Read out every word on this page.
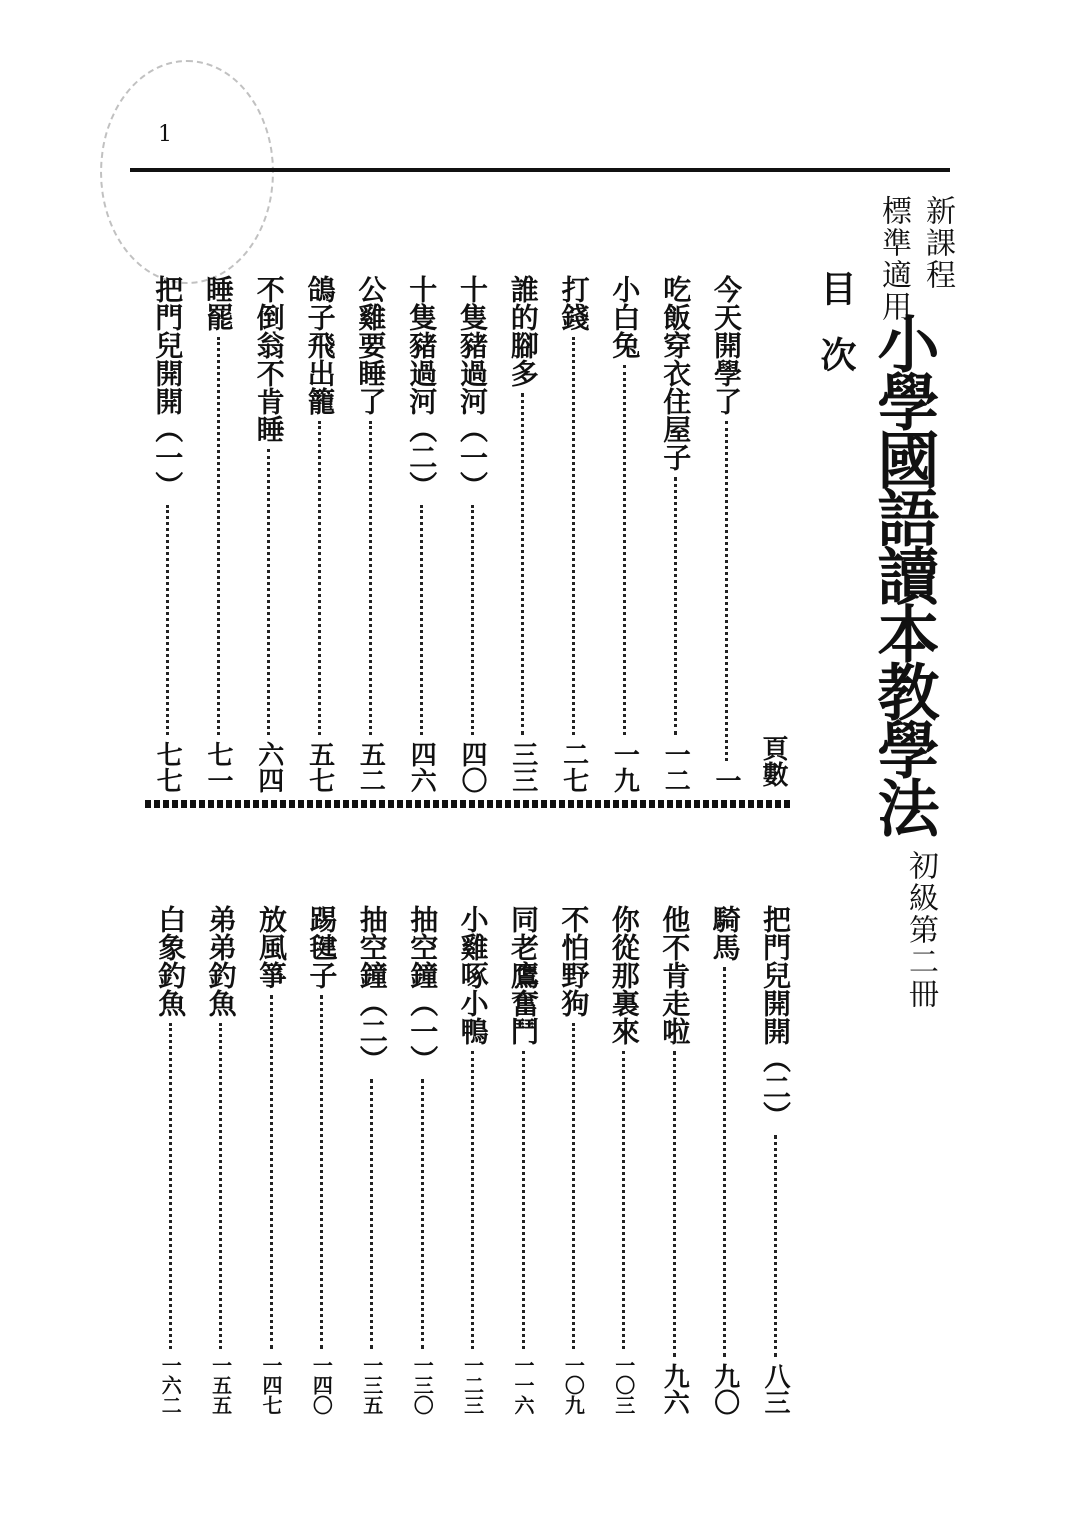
1
新課程
標準適用
小學國語讀本教學法
初級第二冊
目次
頁數
今天開學了
一
吃飯穿衣住屋子
一二
小白兔
一九
打錢
二七
誰的腳多
三三
十隻豬過河（一）
四〇
十隻豬過河（二）
四六
公雞要睡了
五二
鴿子飛出籠
五七
不倒翁不肯睡
六四
睡罷
七一
把門兒開開（一）
七七
把門兒開開（二）
八三
騎馬
九〇
他不肯走啦
九六
你從那裏來
一〇三
不怕野狗
一〇九
同老鷹奮鬥
一一六
小雞啄小鴨
一二三
抽空鐘（一）
一三〇
抽空鐘（二）
一三五
踢毽子
一四〇
放風箏
一四七
弟弟釣魚
一五五
白象釣魚
一六二
